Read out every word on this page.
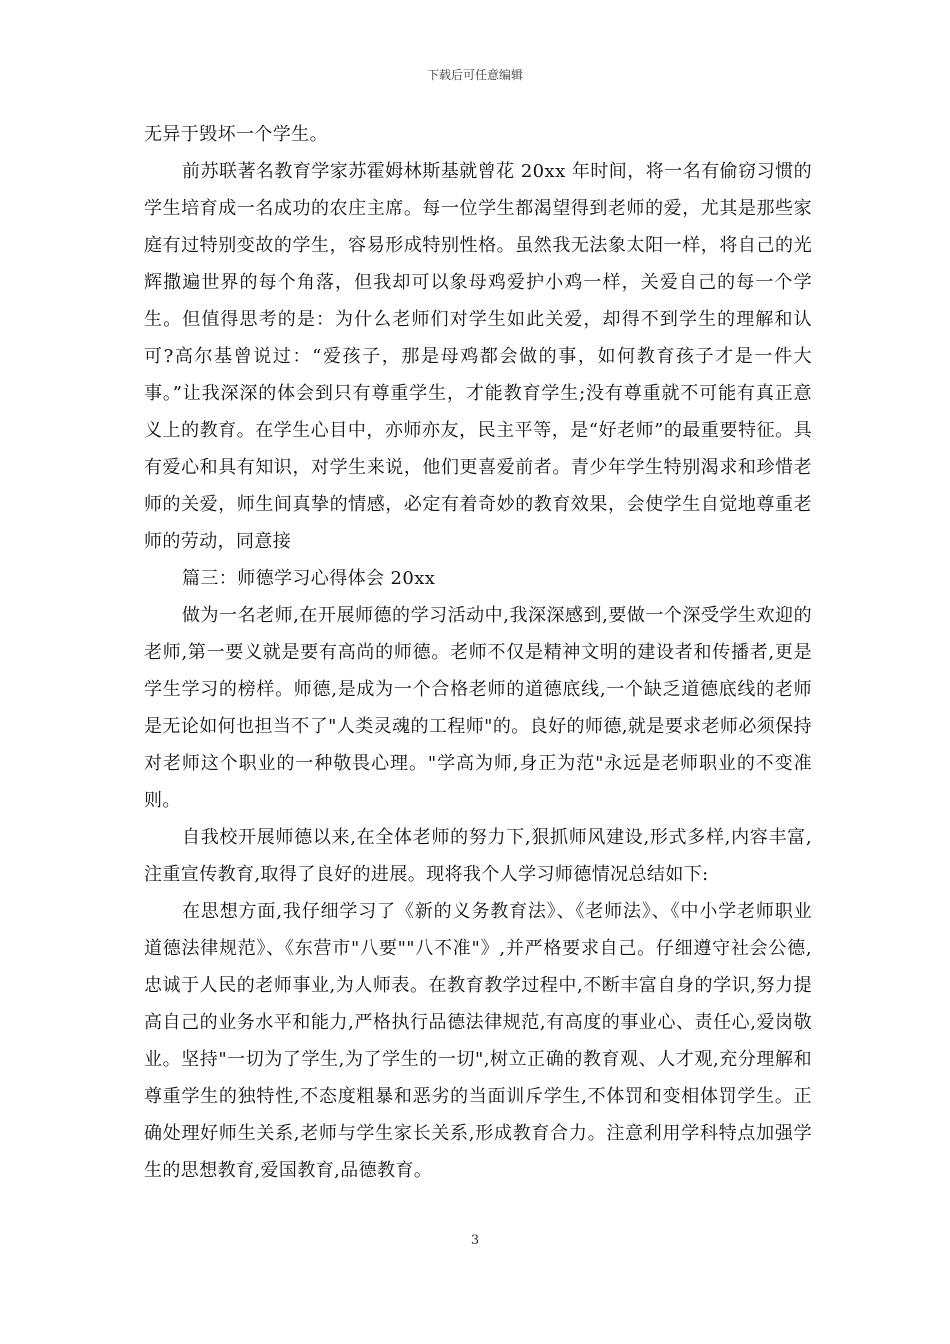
下载后可任意编辑

无异于毁坏一个学生。

前苏联著名教育学家苏霍姆林斯基就曾花 20xx 年时间，将一名有偷窃习惯的学生培育成一名成功的农庄主席。每一位学生都渴望得到老师的爱，尤其是那些家庭有过特别变故的学生，容易形成特别性格。虽然我无法象太阳一样，将自己的光辉撒遍世界的每个角落，但我却可以象母鸡爱护小鸡一样，关爱自己的每一个学生。但值得思考的是：为什么老师们对学生如此关爱，却得不到学生的理解和认可?高尔基曾说过：“爱孩子，那是母鸡都会做的事，如何教育孩子才是一件大事。”让我深深的体会到只有尊重学生，才能教育学生;没有尊重就不可能有真正意义上的教育。在学生心目中，亦师亦友，民主平等，是“好老师”的最重要特征。具有爱心和具有知识，对学生来说，他们更喜爱前者。青少年学生特别渴求和珍惜老师的关爱，师生间真挚的情感，必定有着奇妙的教育效果，会使学生自觉地尊重老师的劳动，同意接

篇三：师德学习心得体会 20xx

做为一名老师,在开展师德的学习活动中,我深深感到,要做一个深受学生欢迎的老师,第一要义就是要有高尚的师德。老师不仅是精神文明的建设者和传播者,更是学生学习的榜样。师德,是成为一个合格老师的道德底线,一个缺乏道德底线的老师是无论如何也担当不了"人类灵魂的工程师"的。良好的师德,就是要求老师必须保持对老师这个职业的一种敬畏心理。"学高为师,身正为范"永远是老师职业的不变准则。

自我校开展师德以来,在全体老师的努力下,狠抓师风建设,形式多样,内容丰富,注重宣传教育,取得了良好的进展。现将我个人学习师德情况总结如下:

在思想方面,我仔细学习了《新的义务教育法》、《老师法》、《中小学老师职业道德法律规范》、《东营市"八要""八不准"》,并严格要求自己。仔细遵守社会公德,忠诚于人民的老师事业,为人师表。在教育教学过程中,不断丰富自身的学识,努力提高自己的业务水平和能力,严格执行品德法律规范,有高度的事业心、责任心,爱岗敬业。坚持"一切为了学生,为了学生的一切",树立正确的教育观、人才观,充分理解和尊重学生的独特性,不态度粗暴和恶劣的当面训斥学生,不体罚和变相体罚学生。正确处理好师生关系,老师与学生家长关系,形成教育合力。注意利用学科特点加强学生的思想教育,爱国教育,品德教育。

3
